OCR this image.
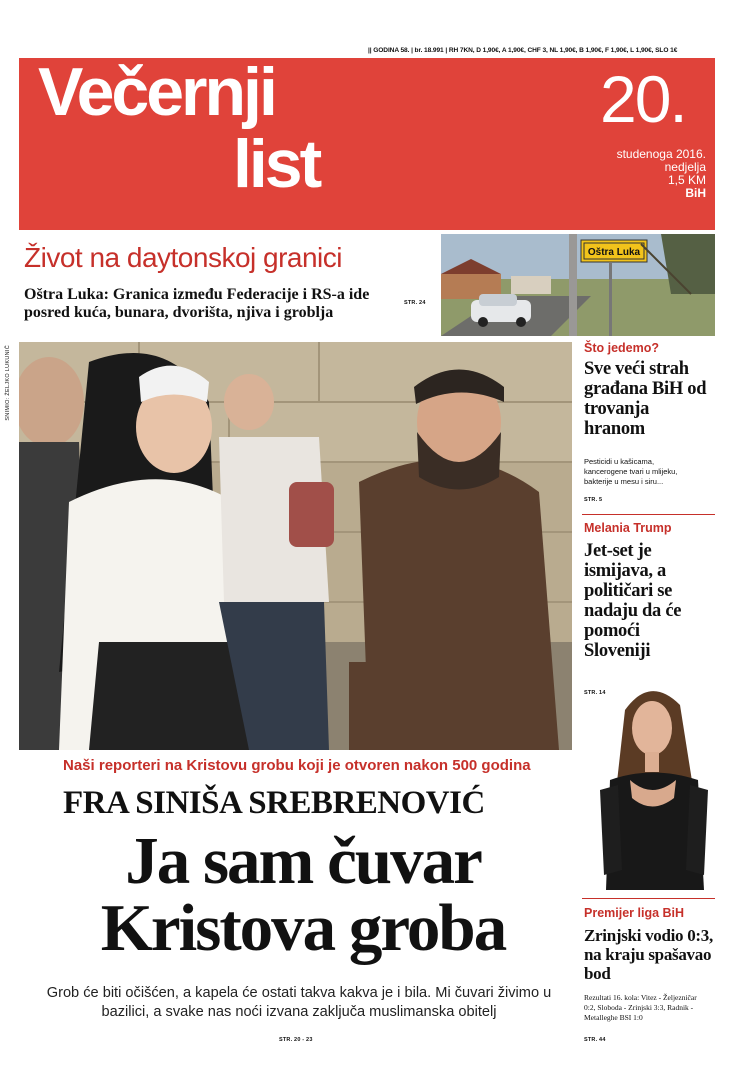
|| GODINA 58. | br. 18.991 | RH 7KN, D 1,90€, A 1,90€, CHF 3, NL 1,90€, B 1,90€, F 1,90€, L 1,90€, SLO 1€
Večernji
list
20.
studenoga 2016.
nedjelja
1,5 KM
BiH
Život na daytonskoj granici
Oštra Luka: Granica između Federacije i RS-a ide posred kuća, bunara, dvorišta, njiva i groblja
STR. 24
Oštra Luka
SNIMIO: ŽELJKO LUKUNIČ
Naši reporteri na Kristovu grobu koji je otvoren nakon 500 godina
FRA SINIŠA SREBRENOVIĆ
Ja sam čuvar
Kristova groba
Grob će biti očišćen, a kapela će ostati takva kakva je i bila. Mi čuvari živimo u bazilici, a svake nas noći izvana zaključa muslimanska obitelj
STR. 20 - 23
Što jedemo?
Sve veći strah građana BiH od trovanja hranom
Pesticidi u kašicama, kancerogene tvari u mlijeku, bakterije u mesu i siru...
STR. 5
Melania Trump
Jet-set je ismijava, a političari se nadaju da će pomoći Sloveniji
STR. 14
Premijer liga BiH
Zrinjski vodio 0:3, na kraju spašavao bod
Rezultati 16. kola: Vitez - Željezničar 0:2, Sloboda - Zrinjski 3:3, Radnik - Metalleghe BSI 1:0
STR. 44
